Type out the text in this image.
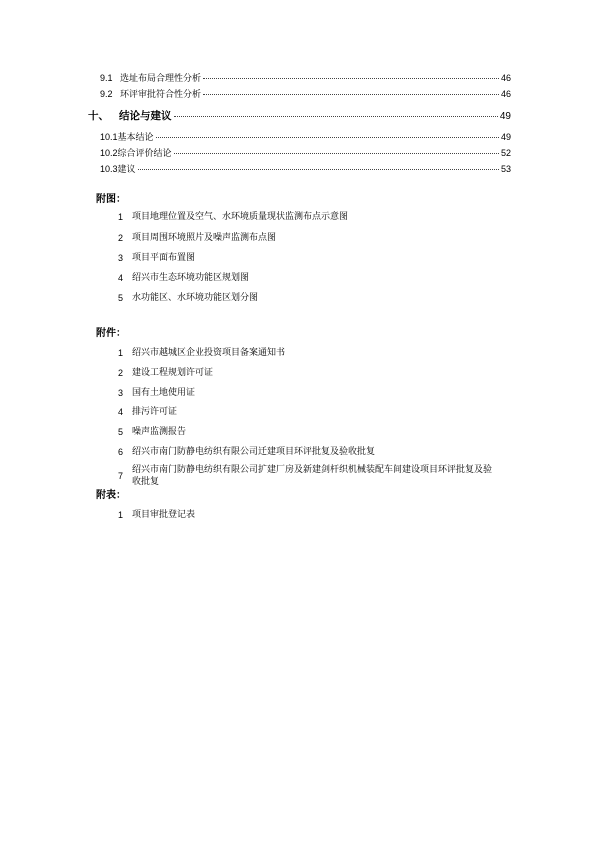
9.1 选址布局合理性分析	46
9.2 环评审批符合性分析	46
十、 结论与建议	49
10.1 基本结论	49
10.2 综合评价结论	52
10.3 建议	53
附图：
1 项目地理位置及空气、水环境质量现状监测布点示意图
2 项目周围环境照片及噪声监测布点图
3 项目平面布置图
4 绍兴市生态环境功能区规划图
5 水功能区、水环境功能区划分图
附件：
1 绍兴市越城区企业投资项目备案通知书
2 建设工程规划许可证
3 国有土地使用证
4 排污许可证
5 噪声监测报告
6 绍兴市南门防静电纺织有限公司迁建项目环评批复及验收批复
7
绍兴市南门防静电纺织有限公司扩建厂房及新建剑杆织机械装配车间建设项目环评批复及验收批复
附表：
1 项目审批登记表
